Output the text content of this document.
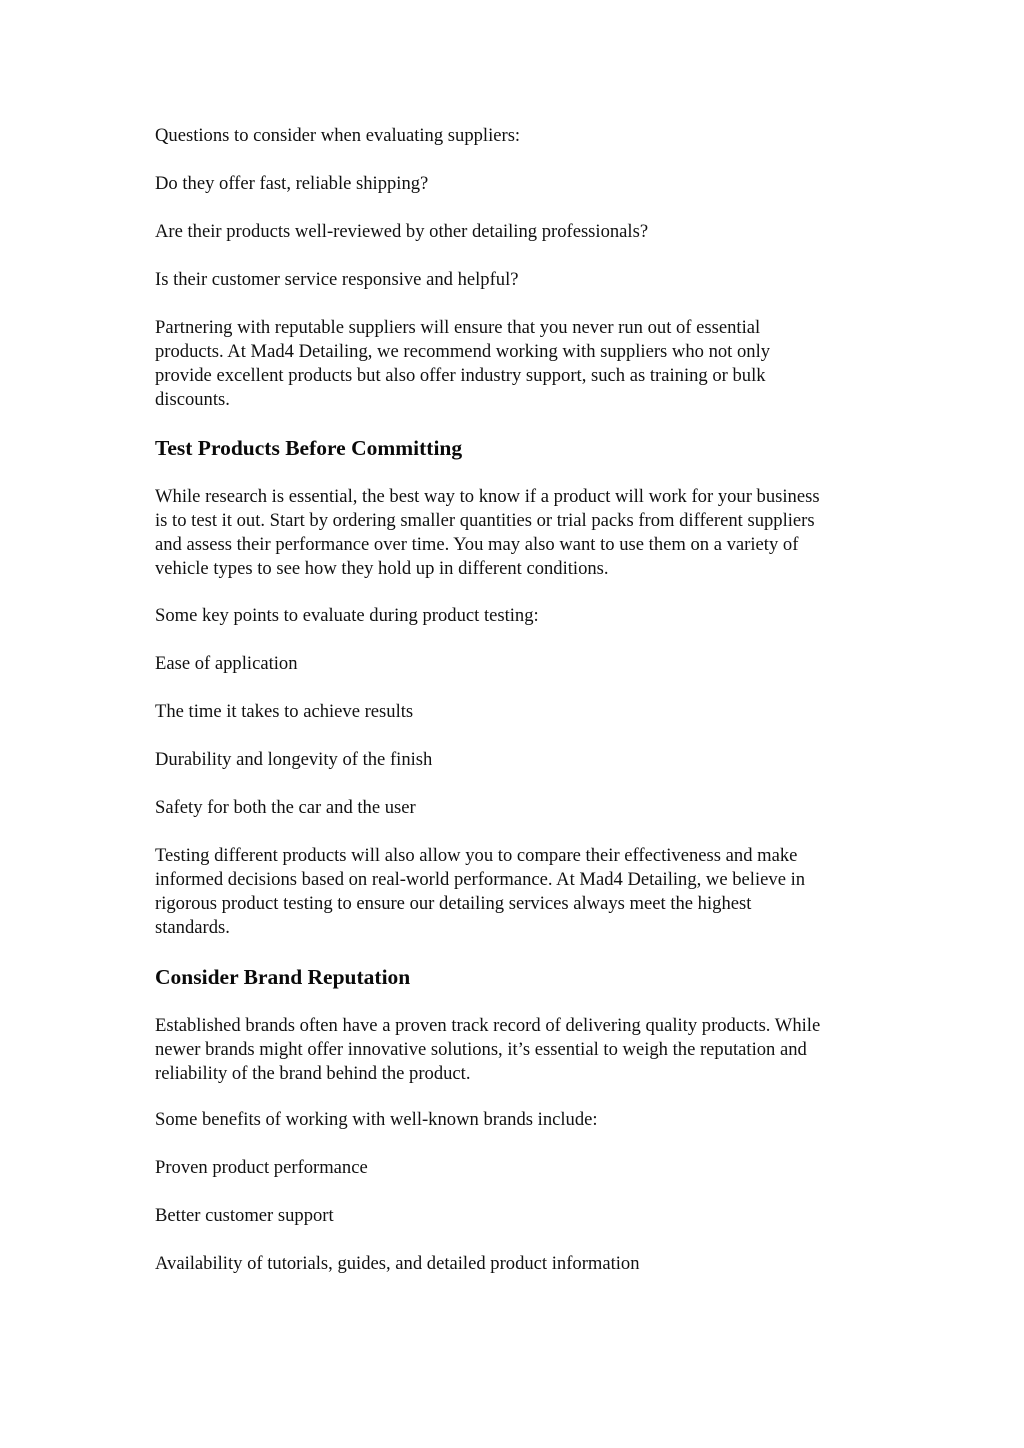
Questions to consider when evaluating suppliers:

Do they offer fast, reliable shipping?

Are their products well-reviewed by other detailing professionals?

Is their customer service responsive and helpful?

Partnering with reputable suppliers will ensure that you never run out of essential
products. At Mad4 Detailing, we recommend working with suppliers who not only
provide excellent products but also offer industry support, such as training or bulk
discounts.

Test Products Before Committing

While research is essential, the best way to know if a product will work for your business
is to test it out. Start by ordering smaller quantities or trial packs from different suppliers
and assess their performance over time. You may also want to use them on a variety of
vehicle types to see how they hold up in different conditions.

Some key points to evaluate during product testing:

Ease of application

The time it takes to achieve results

Durability and longevity of the finish

Safety for both the car and the user

Testing different products will also allow you to compare their effectiveness and make
informed decisions based on real-world performance. At Mad4 Detailing, we believe in
rigorous product testing to ensure our detailing services always meet the highest
standards.

Consider Brand Reputation

Established brands often have a proven track record of delivering quality products. While
newer brands might offer innovative solutions, it’s essential to weigh the reputation and
reliability of the brand behind the product.

Some benefits of working with well-known brands include:

Proven product performance

Better customer support

Availability of tutorials, guides, and detailed product information
